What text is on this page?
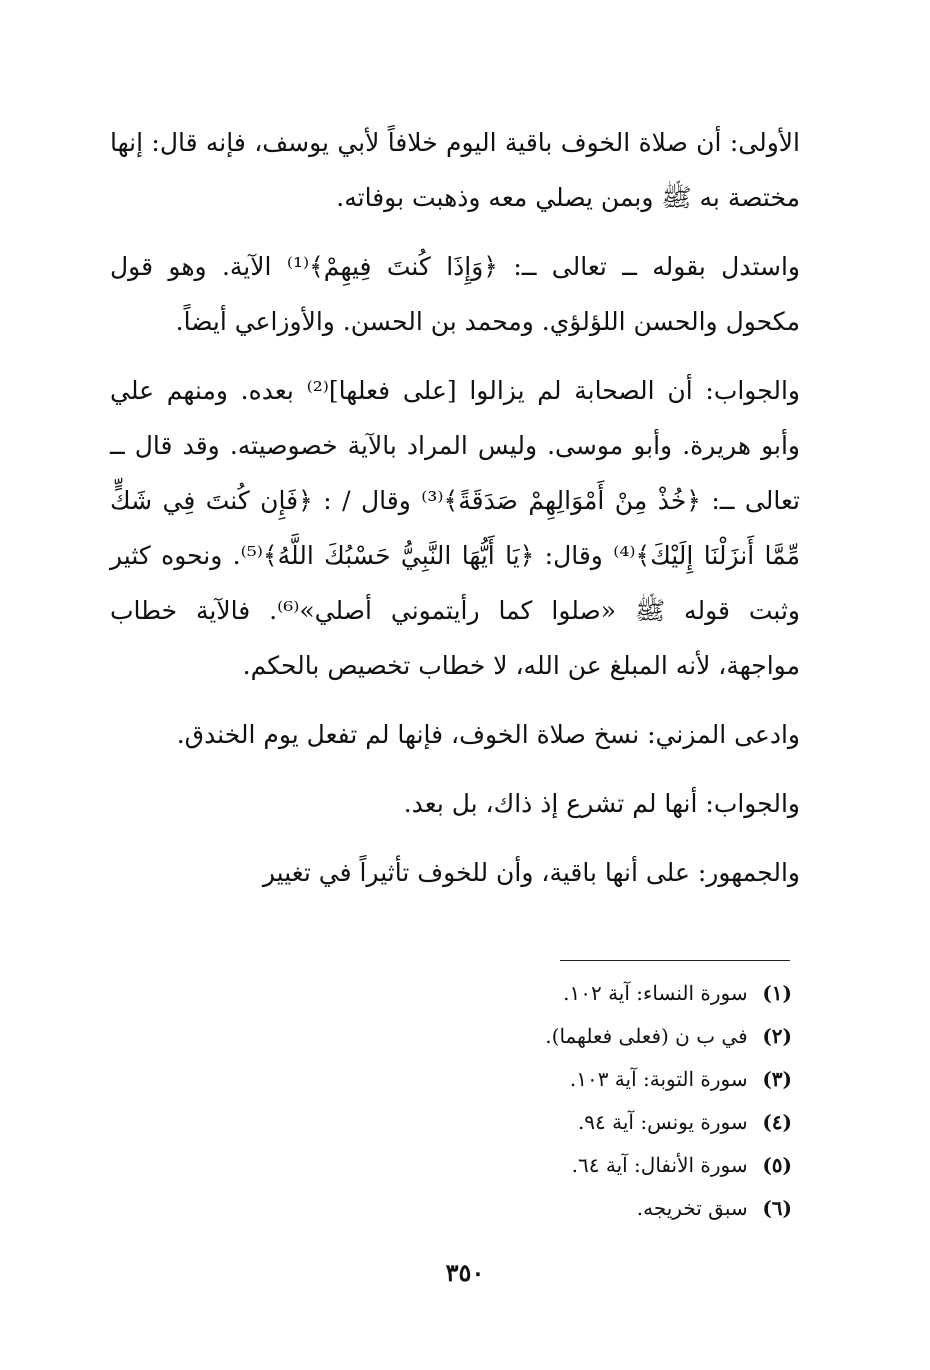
الأولى: أن صلاة الخوف باقية اليوم خلافاً لأبي يوسف، فإنه قال: إنها مختصة به ﷺ وبمن يصلي معه وذهبت بوفاته.

واستدل بقوله ــ تعالى ــ: ﴿وَإِذَا كُنتَ فِيهِمْ﴾⁽¹⁾ الآية. وهو قول مكحول والحسن اللؤلؤي. ومحمد بن الحسن. والأوزاعي أيضاً.

والجواب: أن الصحابة لم يزالوا [على فعلها]⁽²⁾ بعده. ومنهم علي وأبو هريرة. وأبو موسى. وليس المراد بالآية خصوصيته. وقد قال ــ تعالى ــ: ﴿خُذْ مِنْ أَمْوَالِهِمْ صَدَقَةً﴾⁽³⁾ وقال / : ﴿فَإِن كُنتَ فِي شَكٍّ مِّمَّا أَنزَلْنَا إِلَيْكَ﴾⁽⁴⁾ وقال: ﴿يَا أَيُّهَا النَّبِيُّ حَسْبُكَ اللَّهُ﴾⁽⁵⁾. ونحوه كثير وثبت قوله ﷺ «صلوا كما رأيتموني أصلي»⁽⁶⁾. فالآية خطاب مواجهة، لأنه المبلغ عن الله، لا خطاب تخصيص بالحكم.

وادعى المزني: نسخ صلاة الخوف، فإنها لم تفعل يوم الخندق.

والجواب: أنها لم تشرع إذ ذاك، بل بعد.

والجمهور: على أنها باقية، وأن للخوف تأثيراً في تغيير

(١) سورة النساء: آية ١٠٢.
(٢) في ب ن (فعلى فعلهما).
(٣) سورة التوبة: آية ١٠٣.
(٤) سورة يونس: آية ٩٤.
(٥) سورة الأنفال: آية ٦٤.
(٦) سبق تخريجه.
٣٥٠
